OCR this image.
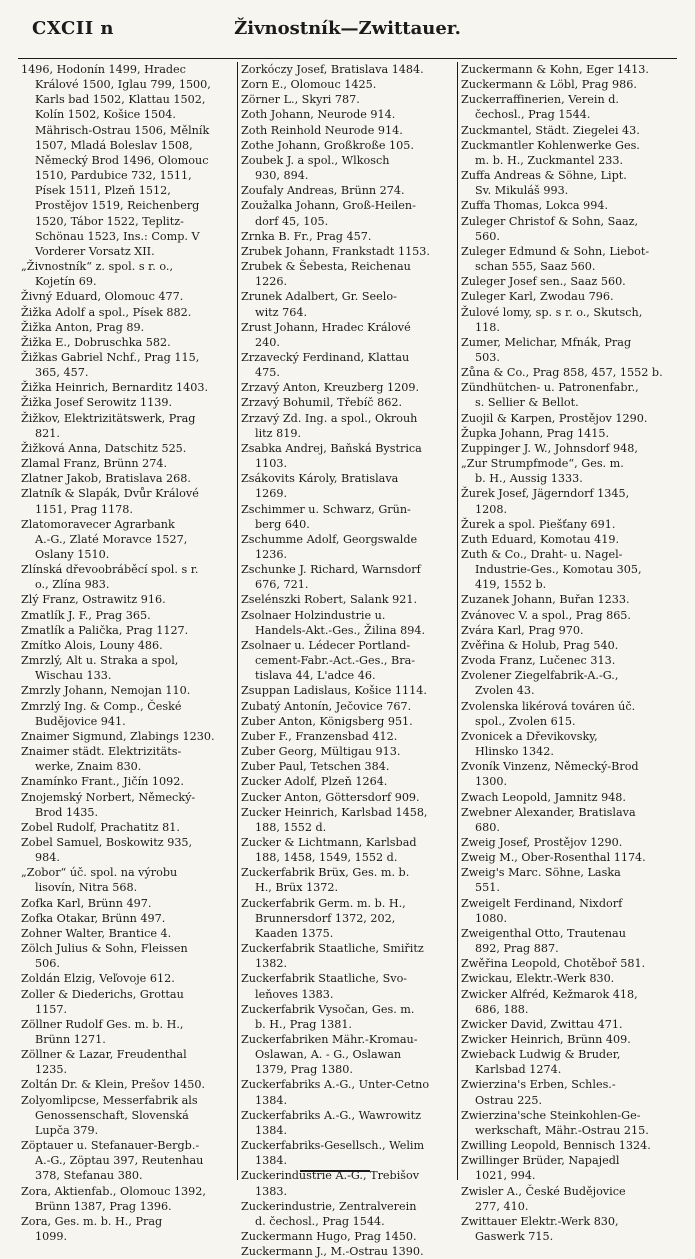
CXCII n	Živnostník—Zwittauer.

1496, Hodonín 1499, Hradec

Králové 1500, Iglau 799, 1500,

Karls bad 1502, Klattau 1502,

Kolín 1502, Košice 1504.

Mährisch-Ostrau 1506, Mělník

1507, Mladá Boleslav 1508,

Německý Brod 1496, Olomouc

1510, Pardubice 732, 1511,

Písek 1511, Plzeň 1512,

Prostějov 1519, Reichenberg

1520, Tábor 1522, Teplitz-

Schönau 1523, Ins.: Comp. V

Vorderer Vorsatz XII.

„Živnostník“ z. spol. s r. o.,

Kojetín 69.

Živný Eduard, Olomouc 477.

Žižka Adolf a spol., Písek 882.

Žižka Anton, Prag 89.

Žižka E., Dobruschka 582.

Žižkas Gabriel Nchf., Prag 115,

365, 457.

Žižka Heinrich, Bernarditz 1403.

Žižka Josef Serowitz 1139.

Žižkov, Elektrizitätswerk, Prag

821.

Žižková Anna, Datschitz 525.

Zlamal Franz, Brünn 274.

Zlatner Jakob, Bratislava 268.

Zlatník & Slapák, Dvůr Králové

1151, Prag 1178.

Zlatomoravecer Agrarbank

A.-G., Zlaté Moravce 1527,

Oslany 1510.

Zlínská dřevoobráběcí spol. s r.

o., Zlína 983.

Zlý Franz, Ostrawitz 916.

Zmatlík J. F., Prag 365.

Zmatlík a Palička, Prag 1127.

Zmítko Alois, Louny 486.

Zmrzlý, Alt u. Straka a spol,

Wischau 133.

Zmrzly Johann, Nemojan 110.

Zmrzlý Ing. & Comp., České

Budějovice 941.

Znaimer Sigmund, Zlabings 1230.

Znaimer städt. Elektrizitäts-

werke, Znaim 830.

Znamínko Frant., Jičín 1092.

Znojemský Norbert, Německý-

Brod 1435.

Zobel Rudolf, Prachatitz 81.

Zobel Samuel, Boskowitz 935,

984.

„Zobor“ úč. spol. na výrobu

lisovín, Nitra 568.

Zofka Karl, Brünn 497.

Zofka Otakar, Brünn 497.

Zohner Walter, Brantice 4.

Zölch Julius & Sohn, Fleissen

506.

Zoldán Elzig, Veľovoje 612.

Zoller & Diederichs, Grottau

1157.

Zöllner Rudolf Ges. m. b. H.,

Brünn 1271.

Zöllner & Lazar, Freudenthal

1235.

Zoltán Dr. & Klein, Prešov 1450.

Zolyomlipcse, Messerfabrik als

Genossenschaft, Slovenská

Lupča 379.

Zöptauer u. Stefanauer-Bergb.-

A.-G., Zöptau 397, Reutenhau

378, Stefanau 380.

Zora, Aktienfab., Olomouc 1392,

Brünn 1387, Prag 1396.

Zora, Ges. m. b. H., Prag

1099.

Zorkóczy Josef, Bratislava 1484.

Zorn E., Olomouc 1425.

Zörner L., Skyri 787.

Zoth Johann, Neurode 914.

Zoth Reinhold Neurode 914.

Zothe Johann, Großkroße 105.

Zoubek J. a spol., Wlkosch

930, 894.

Zoufaly Andreas, Brünn 274.

Zoužalka Johann, Groß-Heilen-

dorf 45, 105.

Zrnka B. Fr., Prag 457.

Zrubek Johann, Frankstadt 1153.

Zrubek & Šebesta, Reichenau

1226.

Zrunek Adalbert, Gr. Seelo-

witz 764.

Zrust Johann, Hradec Králové

240.

Zrzavecký Ferdinand, Klattau

475.

Zrzavý Anton, Kreuzberg 1209.

Zrzavý Bohumil, Třebíč 862.

Zrzavý Zd. Ing. a spol., Okrouh

litz 819.

Zsabka Andrej, Baňská Bystrica

1103.

Zsákovits Károly, Bratislava

1269.

Zschimmer u. Schwarz, Grün-

berg 640.

Zschumme Adolf, Georgswalde

1236.

Zschunke J. Richard, Warnsdorf

676, 721.

Zselénszki Robert, Salank 921.

Zsolnaer Holzindustrie u.

Handels-Akt.-Ges., Žilina 894.

Zsolnaer u. Lédecer Portland-

cement-Fabr.-Act.-Ges., Bra-

tislava 44, L'adce 46.

Zsuppan Ladislaus, Košice 1114.

Zubatý Antonín, Ječovice 767.

Zuber Anton, Königsberg 951.

Zuber F., Franzensbad 412.

Zuber Georg, Mültigau 913.

Zuber Paul, Tetschen 384.

Zucker Adolf, Plzeň 1264.

Zucker Anton, Göttersdorf 909.

Zucker Heinrich, Karlsbad 1458,

188, 1552 d.

Zucker & Lichtmann, Karlsbad

188, 1458, 1549, 1552 d.

Zuckerfabrik Brüx, Ges. m. b.

H., Brüx 1372.

Zuckerfabrik Germ. m. b. H.,

Brunnersdorf 1372, 202,

Kaaden 1375.

Zuckerfabrik Staatliche, Smiřitz

1382.

Zuckerfabrik Staatliche, Svo-

leňoves 1383.

Zuckerfabrik Vysočan, Ges. m.

b. H., Prag 1381.

Zuckerfabriken Mähr.-Kromau-

Oslawan, A. - G., Oslawan

1379, Prag 1380.

Zuckerfabriks A.-G., Unter-Cetno

1384.

Zuckerfabriks A.-G., Wawrowitz

1384.

Zuckerfabriks-Gesellsch., Welim

1384.

Zuckerindustrie A.-G., Trebišov

1383.

Zuckerindustrie, Zentralverein

d. čechosl., Prag 1544.

Zuckermann Hugo, Prag 1450.

Zuckermann J., M.-Ostrau 1390.

Zuckermann & Kohn, Eger 1413.

Zuckermann & Löbl, Prag 986.

Zuckerraffinerien, Verein d.

čechosl., Prag 1544.

Zuckmantel, Städt. Ziegelei 43.

Zuckmantler Kohlenwerke Ges.

m. b. H., Zuckmantel 233.

Zuffa Andreas & Söhne, Lipt.

Sv. Mikuláš 993.

Zuffa Thomas, Lokca 994.

Zuleger Christof & Sohn, Saaz,

560.

Zuleger Edmund & Sohn, Liebot-

schan 555, Saaz 560.

Zuleger Josef sen., Saaz 560.

Zuleger Karl, Zwodau 796.

Žulové lomy, sp. s r. o., Skutsch,

118.

Zumer, Melichar, Mfnák, Prag

503.

Zůna & Co., Prag 858, 457, 1552 b.

Zündhütchen- u. Patronenfabr.,

s. Sellier & Bellot.

Zuojil & Karpen, Prostějov 1290.

Župka Johann, Prag 1415.

Zuppinger J. W., Johnsdorf 948,

„Zur Strumpfmode“, Ges. m.

b. H., Aussig 1333.

Žurek Josef, Jägerndorf 1345,

1208.

Žurek a spol. Piešťany 691.

Zuth Eduard, Komotau 419.

Zuth & Co., Draht- u. Nagel-

Industrie-Ges., Komotau 305,

419, 1552 b.

Zuzanek Johann, Buřan 1233.

Zvánovec V. a spol., Prag 865.

Zvára Karl, Prag 970.

Zvěřina & Holub, Prag 540.

Zvoda Franz, Lučenec 313.

Zvolener Ziegelfabrik-A.-G.,

Zvolen 43.

Zvolenska likérová továren úč.

spol., Zvolen 615.

Zvonicek a Dřevikovsky,

Hlinsko 1342.

Zvoník Vinzenz, Německý-Brod

1300.

Zwach Leopold, Jamnitz 948.

Zwebner Alexander, Bratislava

680.

Zweig Josef, Prostějov 1290.

Zweig M., Ober-Rosenthal 1174.

Zweig's Marc. Söhne, Laska

551.

Zweigelt Ferdinand, Nixdorf

1080.

Zweigenthal Otto, Trautenau

892, Prag 887.

Zwěřina Leopold, Chotěboř 581.

Zwickau, Elektr.-Werk 830.

Zwicker Alfréd, Kežmarok 418,

686, 188.

Zwicker David, Zwittau 471.

Zwicker Heinrich, Brünn 409.

Zwieback Ludwig & Bruder,

Karlsbad 1274.

Zwierzina's Erben, Schles.-

Ostrau 225.

Zwierzina'sche Steinkohlen-Ge-

werkschaft, Mähr.-Ostrau 215.

Zwilling Leopold, Bennisch 1324.

Zwillinger Brüder, Napajedl

1021, 994.

Zwisler A., České Budějovice

277, 410.

Zwittauer Elektr.-Werk 830,

Gaswerk 715.
